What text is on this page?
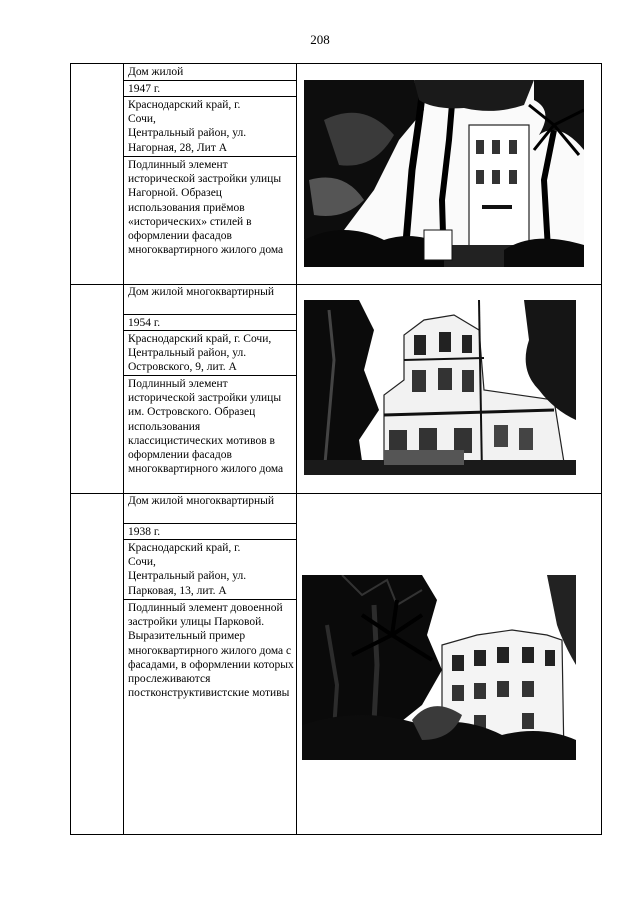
208
Дом жилой
1947 г.
Краснодарский край, г.
Сочи,
Центральный район, ул.
Нагорная, 28, Лит А
Подлинный элемент исторической застройки улицы Нагорной. Образец использования приёмов «исторических» стилей в оформлении фасадов многоквартирного жилого дома
Дом жилой многоквартирный
1954 г.
Краснодарский край, г. Сочи, Центральный район, ул. Островского, 9, лит. А
Подлинный элемент исторической застройки улицы им. Островского. Образец использования классицистических мотивов в оформлении фасадов многоквартирного жилого дома
Дом жилой многоквартирный
1938 г.
Краснодарский край, г.
Сочи,
Центральный район, ул.
Парковая, 13, лит. А
Подлинный элемент довоенной застройки улицы Парковой. Выразительный пример многоквартирного жилого дома с фасадами, в оформлении которых прослеживаются постконструктивистские мотивы
